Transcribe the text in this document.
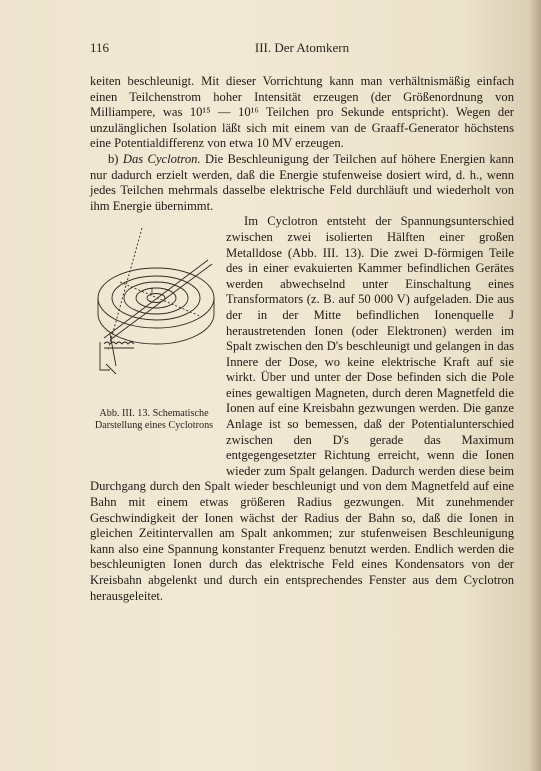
III. Der Atomkern
116

keiten beschleunigt. Mit dieser Vorrichtung kann man verhältnismäßig einfach einen Teilchenstrom hoher Intensität erzeugen (der Größenordnung von Milliampere, was 10¹⁵ — 10¹⁶ Teilchen pro Sekunde entspricht). Wegen der unzulänglichen Isolation läßt sich mit einem van de Graaff-Generator höchstens eine Potentialdifferenz von etwa 10 MV erzeugen.

b) Das Cyclotron. Die Beschleunigung der Teilchen auf höhere Energien kann nur dadurch erzielt werden, daß die Energie stufenweise dosiert wird, d. h., wenn jedes Teilchen mehrmals dasselbe elektrische Feld durchläuft und wiederholt von ihm Energie übernimmt.

J
Abb. III. 13. Schematische Darstellung eines Cyclotrons

Im Cyclotron entsteht der Spannungsunterschied zwischen zwei isolierten Hälften einer großen Metalldose (Abb. III. 13). Die zwei D-förmigen Teile des in einer evakuierten Kammer befindlichen Gerätes werden abwechselnd unter Einschaltung eines Transformators (z. B. auf 50 000 V) aufgeladen. Die aus der in der Mitte befindlichen Ionenquelle J heraustretenden Ionen (oder Elektronen) werden im Spalt zwischen den D's beschleunigt und gelangen in das Innere der Dose, wo keine elektrische Kraft auf sie wirkt. Über und unter der Dose befinden sich die Pole eines gewaltigen Magneten, durch deren Magnetfeld die Ionen auf eine Kreisbahn gezwungen werden. Die ganze Anlage ist so bemessen, daß der Potentialunterschied zwischen den D's gerade das Maximum entgegengesetzter Richtung erreicht, wenn die Ionen wieder zum Spalt gelangen. Dadurch werden diese beim Durchgang durch den Spalt wieder beschleunigt und von dem Magnetfeld auf eine Bahn mit einem etwas größeren Radius gezwungen. Mit zunehmender Geschwindigkeit der Ionen wächst der Radius der Bahn so, daß die Ionen in gleichen Zeitintervallen am Spalt ankommen; zur stufenweisen Beschleunigung kann also eine Spannung konstanter Frequenz benutzt werden. Endlich werden die beschleunigten Ionen durch das elektrische Feld eines Kondensators von der Kreisbahn abgelenkt und durch ein entsprechendes Fenster aus dem Cyclotron herausgeleitet.
